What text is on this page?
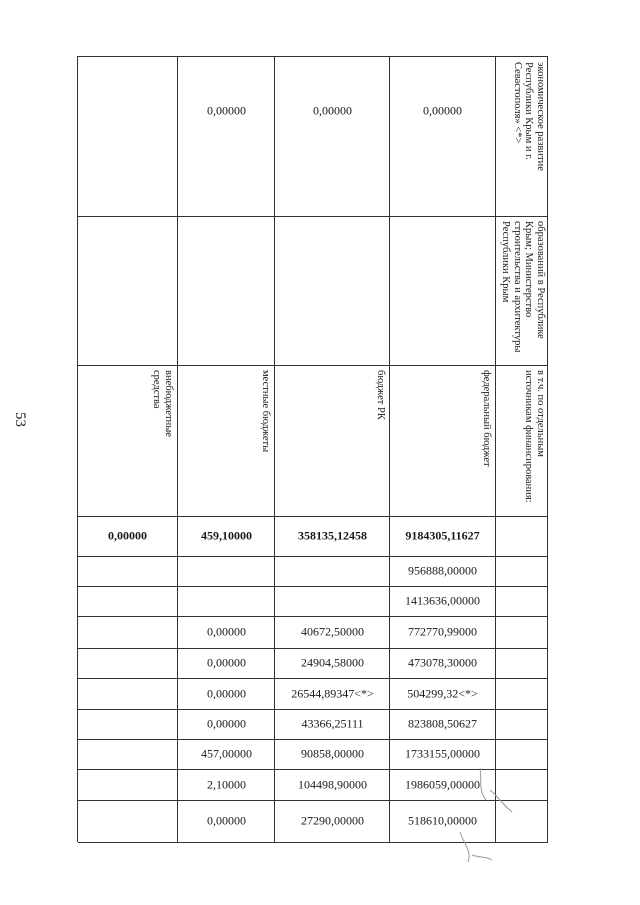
53
экономическое развитие Республики Крым и г. Севастополя» <*>
образований в Республике Крым; Министерство строительства и архитектуры Республики Крым
в т.ч. по отдельным источникам финансирования:
федеральный бюджет
бюджет РК
местные бюджеты
внебюджетные средства
9184305,11627
956888,00000
1413636,00000
772770,99000
473078,30000
504299,32<*>
823808,50627
1733155,00000
1986059,00000
518610,00000
0,00000
358135,12458
40672,50000
24904,58000
26544,89347<*>
43366,25111
90858,00000
104498,90000
27290,00000
0,00000
459,10000
0,00000
0,00000
0,00000
0,00000
457,00000
2,10000
0,00000
0,00000
0,00000
